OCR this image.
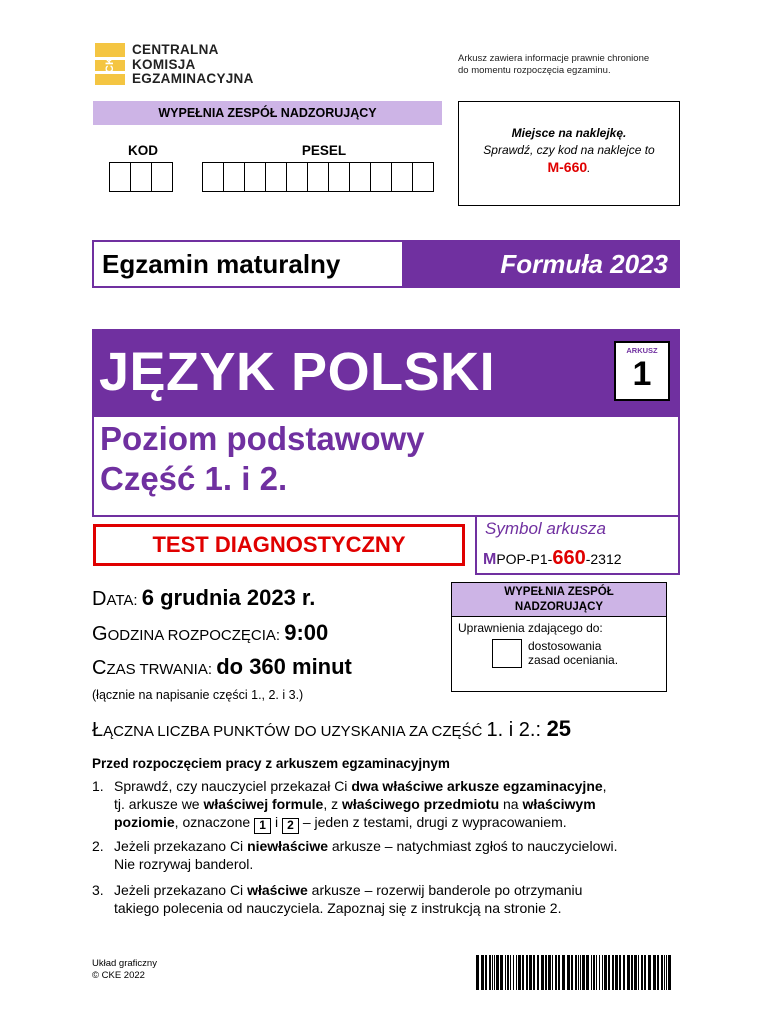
CK
CENTRALNA
KOMISJA
EGZAMINACYJNA
Arkusz zawiera informacje prawnie chronione
do momentu rozpoczęcia egzaminu.
WYPEŁNIA ZESPÓŁ NADZORUJĄCY
KOD	PESEL
Miejsce na naklejkę.
Sprawdź, czy kod na naklejce to
M-660.
Egzamin maturalny	Formuła 2023
JĘZYK POLSKI	ARKUSZ
1
Poziom podstawowy
Część 1. i 2.
TEST DIAGNOSTYCZNY
Symbol arkusza
MPOP-P1-660-2312
DATA: 6 grudnia 2023 r.
GODZINA ROZPOCZĘCIA: 9:00
CZAS TRWANIA: do 360 minut
(łącznie na napisanie części 1., 2. i 3.)
ŁĄCZNA LICZBA PUNKTÓW DO UZYSKANIA ZA CZĘŚĆ 1. i 2.: 25
WYPEŁNIA ZESPÓŁ
NADZORUJĄCY
Uprawnienia zdającego do:
dostosowania
zasad oceniania.
Przed rozpoczęciem pracy z arkuszem egzaminacyjnym
1. Sprawdź, czy nauczyciel przekazał Ci dwa właściwe arkusze egzaminacyjne,
tj. arkusze we właściwej formule, z właściwego przedmiotu na właściwym
poziomie, oznaczone 1 i 2 – jeden z testami, drugi z wypracowaniem.
2. Jeżeli przekazano Ci niewłaściwe arkusze – natychmiast zgłoś to nauczycielowi.
Nie rozrywaj banderol.
3. Jeżeli przekazano Ci właściwe arkusze – rozerwij banderole po otrzymaniu
takiego polecenia od nauczyciela. Zapoznaj się z instrukcją na stronie 2.
Układ graficzny
© CKE 2022
